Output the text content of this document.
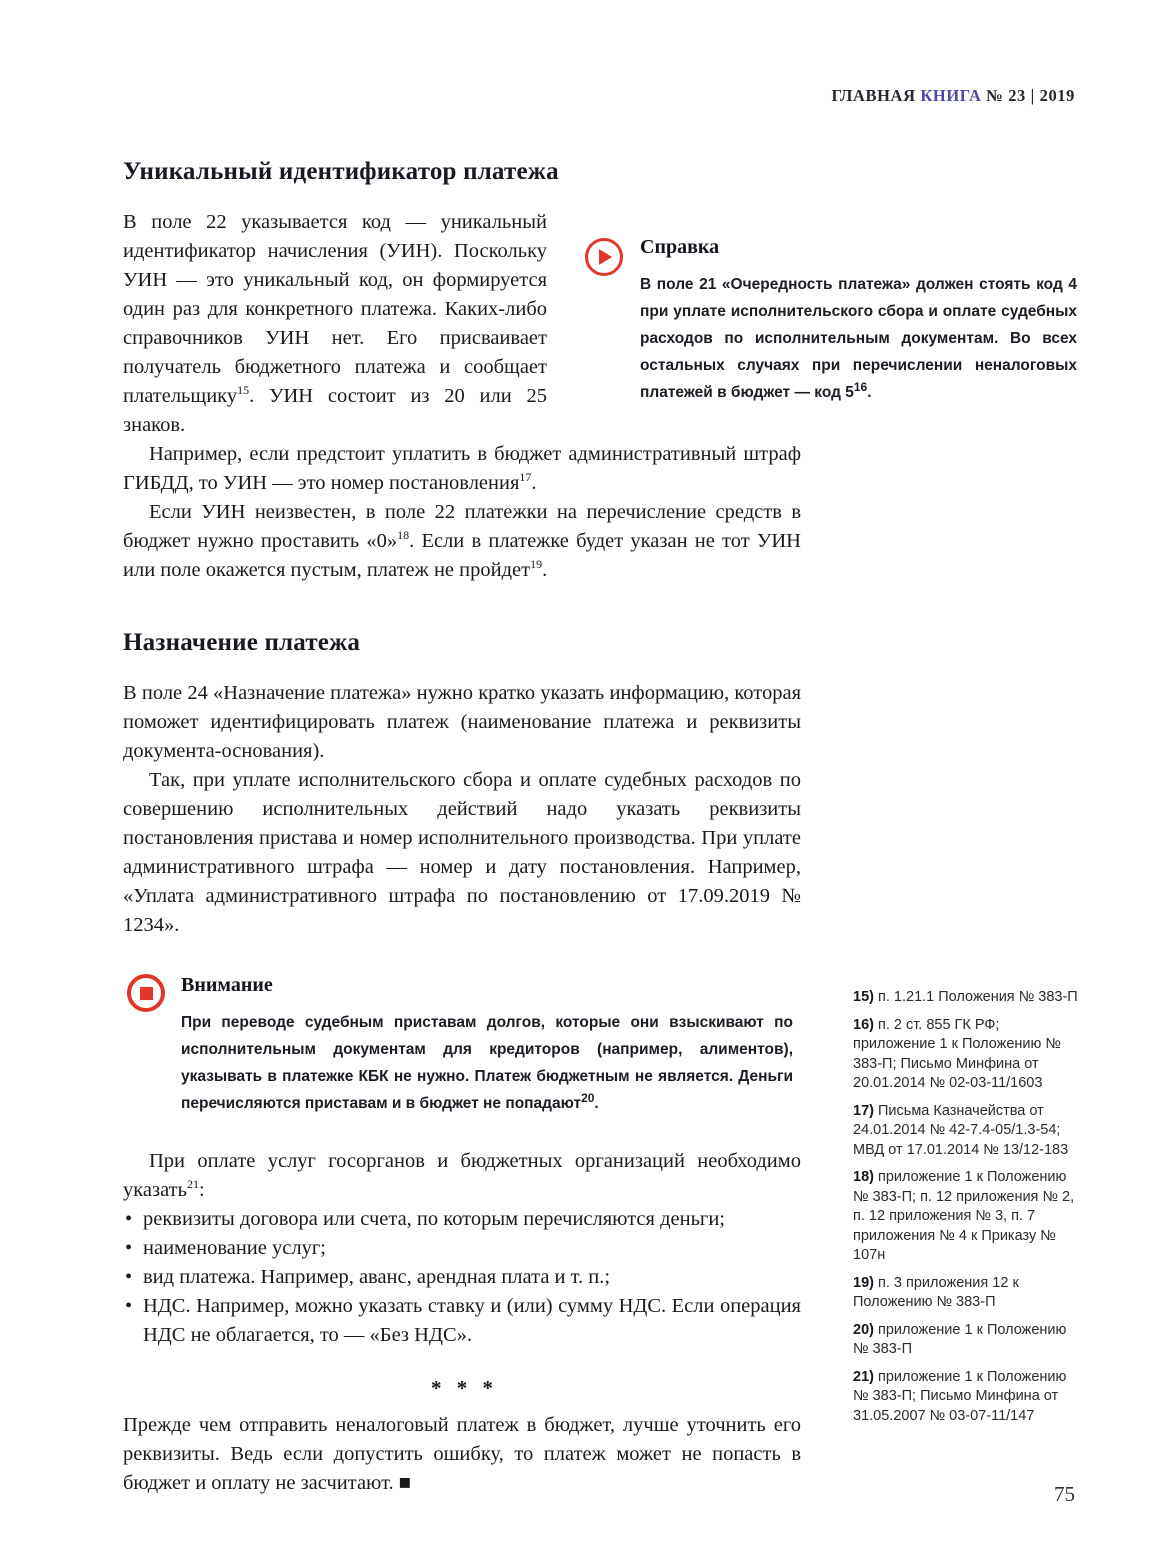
ГЛАВНАЯ КНИГА № 23 | 2019
Справка

В поле 21 «Очередность платежа» должен стоять код 4 при уплате исполнительского сбора и оплате судебных расходов по исполнительным документам. Во всех остальных случаях при перечислении неналоговых платежей в бюджет — код $5^{16}$.

Уникальный идентификатор платежа

В поле 22 указывается код — уникальный идентификатор начисления (УИН). Поскольку УИН — это уникальный код, он формируется один раз для конкретного платежа. Каких-либо справочников УИН нет. Его присваивает получатель бюджетного платежа и сообщает плательщику$^{15}$. УИН состоит из 20 или 25 знаков.

Например, если предстоит уплатить в бюджет административный штраф ГИБДД, то УИН — это номер постановления$^{17}$.

Если УИН неизвестен, в поле 22 платежки на перечисление средств в бюджет нужно проставить «0»$^{18}$. Если в платежке будет указан не тот УИН или поле окажется пустым, платеж не пройдет$^{19}$.

Назначение платежа

В поле 24 «Назначение платежа» нужно кратко указать информацию, которая поможет идентифицировать платеж (наименование платежа и реквизиты документа-основания).

Так, при уплате исполнительского сбора и оплате судебных расходов по совершению исполнительных действий надо указать реквизиты постановления пристава и номер исполнительного производства. При уплате административного штрафа — номер и дату постановления. Например, «Уплата административного штрафа по постановлению от 17.09.2019 № 1234».

Внимание

При переводе судебным приставам долгов, которые они взыскивают по исполнительным документам для кредиторов (например, алиментов), указывать в платежке КБК не нужно. Платеж бюджетным не является. Деньги перечисляются приставам и в бюджет не попадают$^{20}$.

При оплате услуг госорганов и бюджетных организаций необходимо указать$^{21}$:

• реквизиты договора или счета, по которым перечисляются деньги;
• наименование услуг;
• вид платежа. Например, аванс, арендная плата и т. п.;
• НДС. Например, можно указать ставку и (или) сумму НДС. Если операция НДС не облагается, то — «Без НДС».
* * *

Прежде чем отправить неналоговый платеж в бюджет, лучше уточнить его реквизиты. Ведь если допустить ошибку, то платеж может не попасть в бюджет и оплату не засчитают. ■

15) п. 1.21.1 Положения № 383-П
16) п. 2 ст. 855 ГК РФ; приложение 1 к Положению № 383-П; Письмо Минфина от 20.01.2014 № 02-03-11/1603
17) Письма Казначейства от 24.01.2014 № 42-7.4-05/1.3-54; МВД от 17.01.2014 № 13/12-183
18) приложение 1 к Положению № 383-П; п. 12 приложения № 2, п. 12 приложения № 3, п. 7 приложения № 4 к Приказу № 107н
19) п. 3 приложения 12 к Положению № 383-П
20) приложение 1 к Положению № 383-П
21) приложение 1 к Положению № 383-П; Письмо Минфина от 31.05.2007 № 03-07-11/147
75
